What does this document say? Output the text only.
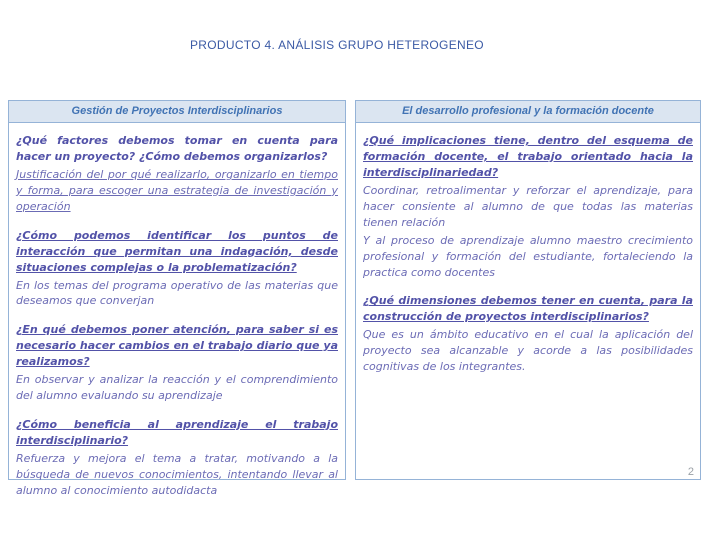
PRODUCTO 4. ANÁLISIS GRUPO HETEROGENEO
Gestión de Proyectos Interdisciplinarios

¿Qué factores debemos tomar en cuenta para hacer un proyecto? ¿Cómo debemos organizarlos?

Justificación del por qué realizarlo, organizarlo en tiempo y forma, para escoger una estrategia de investigación y operación

¿Cómo podemos identificar los puntos de interacción que permitan una indagación, desde situaciones complejas o la problematización?

En los temas del programa operativo de las materias que deseamos que converjan

¿En qué debemos poner atención, para saber si es necesario hacer cambios en el trabajo diario que ya realizamos?

En observar y analizar la reacción y el comprendimiento del alumno evaluando su aprendizaje

¿Cómo beneficia al aprendizaje el trabajo interdisciplinario?

Refuerza y mejora el tema a tratar, motivando a la búsqueda de nuevos conocimientos, intentando llevar al alumno al conocimiento autodidacta

El desarrollo profesional y la formación docente

¿Qué implicaciones tiene, dentro del esquema de formación docente, el trabajo orientado hacia la interdisciplinariedad?

Coordinar, retroalimentar y reforzar el aprendizaje, para hacer consiente al alumno de que todas las materias tienen relación

Y al proceso de aprendizaje alumno maestro crecimiento profesional y formación del estudiante, fortaleciendo la practica como docentes

¿Qué dimensiones debemos tener en cuenta, para la construcción de proyectos interdisciplinarios?

Que es un ámbito educativo en el cual la aplicación del proyecto sea alcanzable y acorde a las posibilidades cognitivas de los integrantes.

2
